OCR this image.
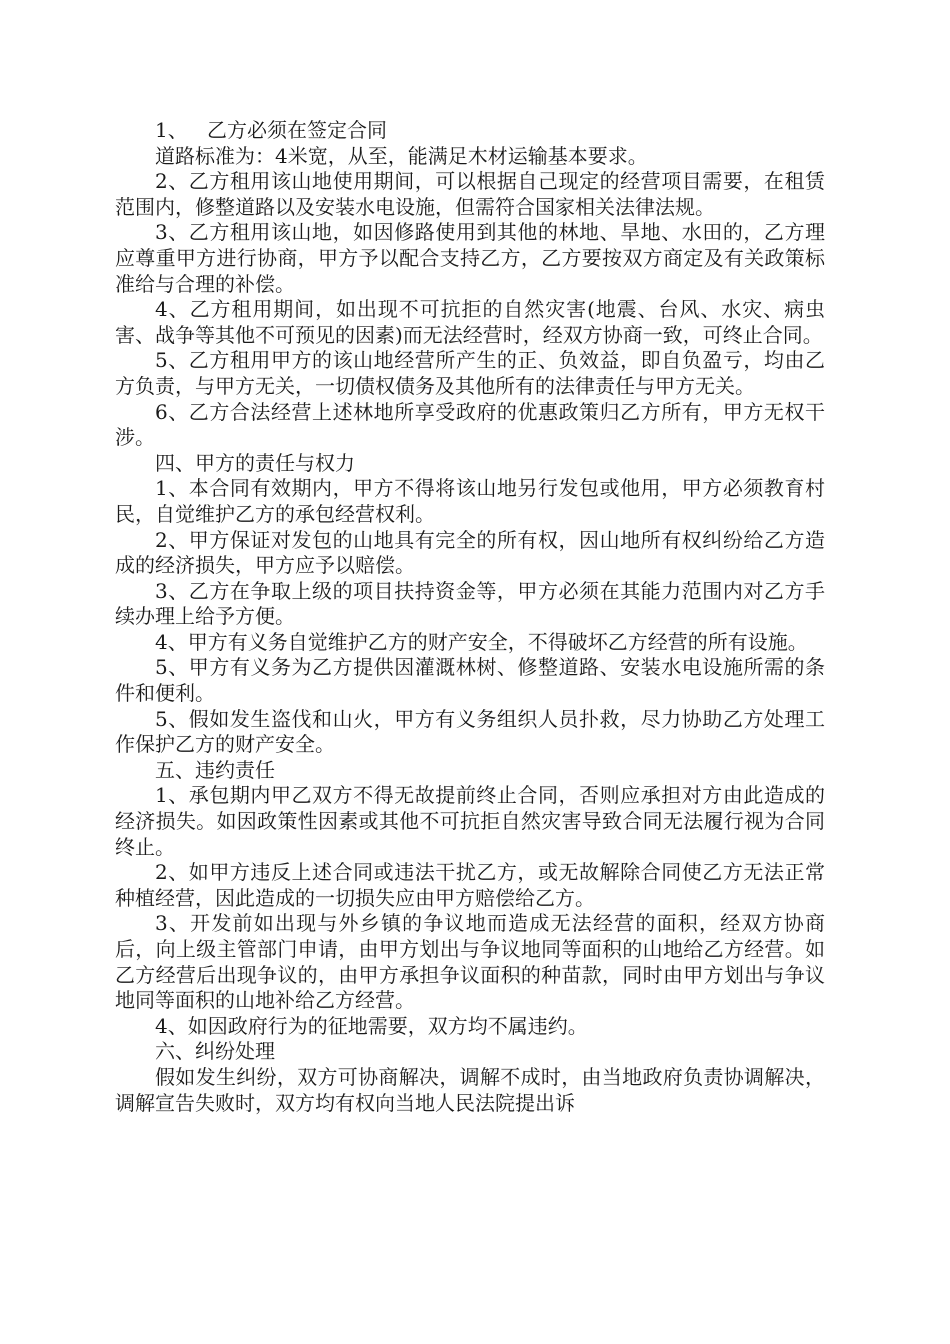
1、 乙方必须在签定合同

道路标准为：4米宽，从至，能满足木材运输基本要求。

2、乙方租用该山地使用期间，可以根据自己现定的经营项目需要，在租赁范围内，修整道路以及安装水电设施，但需符合国家相关法律法规。

3、乙方租用该山地，如因修路使用到其他的林地、旱地、水田的，乙方理应尊重甲方进行协商，甲方予以配合支持乙方，乙方要按双方商定及有关政策标准给与合理的补偿。

4、乙方租用期间，如出现不可抗拒的自然灾害(地震、台风、水灾、病虫害、战争等其他不可预见的因素)而无法经营时，经双方协商一致，可终止合同。

5、乙方租用甲方的该山地经营所产生的正、负效益，即自负盈亏，均由乙方负责，与甲方无关，一切债权债务及其他所有的法律责任与甲方无关。

6、乙方合法经营上述林地所享受政府的优惠政策归乙方所有，甲方无权干涉。

四、甲方的责任与权力

1、本合同有效期内，甲方不得将该山地另行发包或他用，甲方必须教育村民，自觉维护乙方的承包经营权利。

2、甲方保证对发包的山地具有完全的所有权，因山地所有权纠纷给乙方造成的经济损失，甲方应予以赔偿。

3、乙方在争取上级的项目扶持资金等，甲方必须在其能力范围内对乙方手续办理上给予方便。

4、甲方有义务自觉维护乙方的财产安全，不得破坏乙方经营的所有设施。

5、甲方有义务为乙方提供因灌溉林树、修整道路、安装水电设施所需的条件和便利。

5、假如发生盗伐和山火，甲方有义务组织人员扑救，尽力协助乙方处理工作保护乙方的财产安全。

五、违约责任

1、承包期内甲乙双方不得无故提前终止合同，否则应承担对方由此造成的经济损失。如因政策性因素或其他不可抗拒自然灾害导致合同无法履行视为合同终止。

2、如甲方违反上述合同或违法干扰乙方，或无故解除合同使乙方无法正常种植经营，因此造成的一切损失应由甲方赔偿给乙方。

3、开发前如出现与外乡镇的争议地而造成无法经营的面积，经双方协商后，向上级主管部门申请，由甲方划出与争议地同等面积的山地给乙方经营。如乙方经营后出现争议的，由甲方承担争议面积的种苗款，同时由甲方划出与争议地同等面积的山地补给乙方经营。

4、如因政府行为的征地需要，双方均不属违约。

六、纠纷处理

假如发生纠纷，双方可协商解决，调解不成时，由当地政府负责协调解决，调解宣告失败时，双方均有权向当地人民法院提出诉
